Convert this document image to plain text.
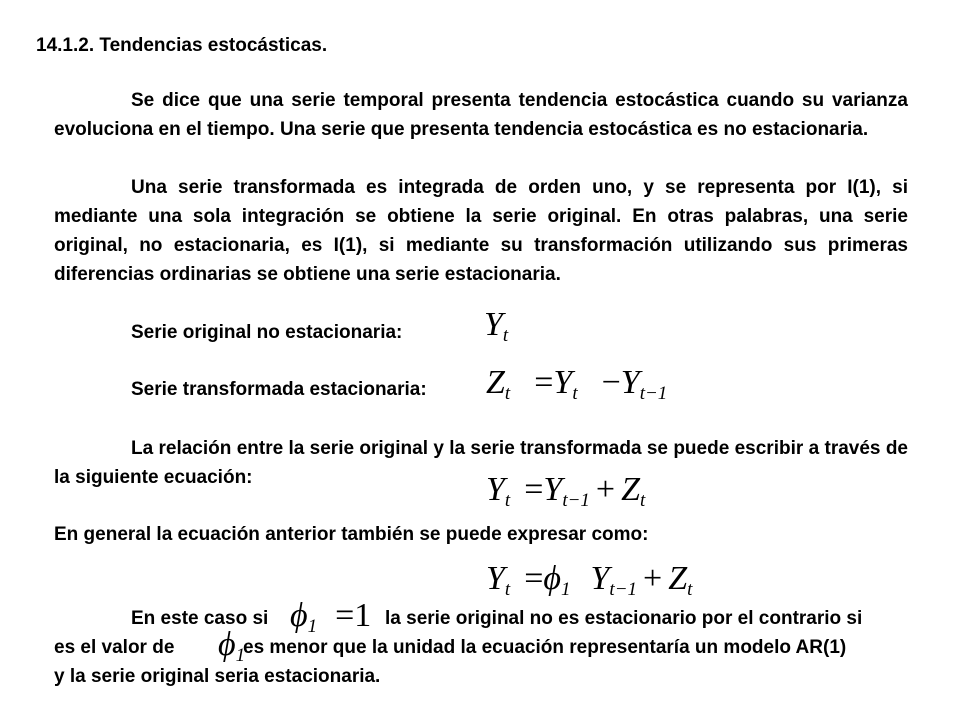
14.1.2. Tendencias estocásticas.

Se dice que una serie temporal presenta tendencia estocástica cuando su varianza evoluciona en el tiempo. Una serie que presenta tendencia estocástica es no estacionaria.

Una serie transformada es integrada de orden uno, y se representa por I(1), si mediante una sola integración se obtiene la serie original. En otras palabras, una serie original, no estacionaria, es I(1), si mediante su transformación utilizando sus primeras diferencias ordinarias se obtiene una serie estacionaria.

Serie original no estacionaria: $Y_t$
Serie transformada estacionaria: $Z_t =Y_t -Y_{t-1}$

La relación entre la serie original y la serie transformada se puede escribir a través de la siguiente ecuación:	$Y_t =Y_{t-1} + Z_t$
En general la ecuación anterior también se puede expresar como:
$Y_t =\phi_1$ $Y_{t-1} + Z_t$
En este caso si $\phi_1 =1$ la serie original no es estacionario por el contrario si
es el valor de $\phi_1$
es menor que la unidad la ecuación representaría un modelo AR(1)
y la serie original seria estacionaria.
